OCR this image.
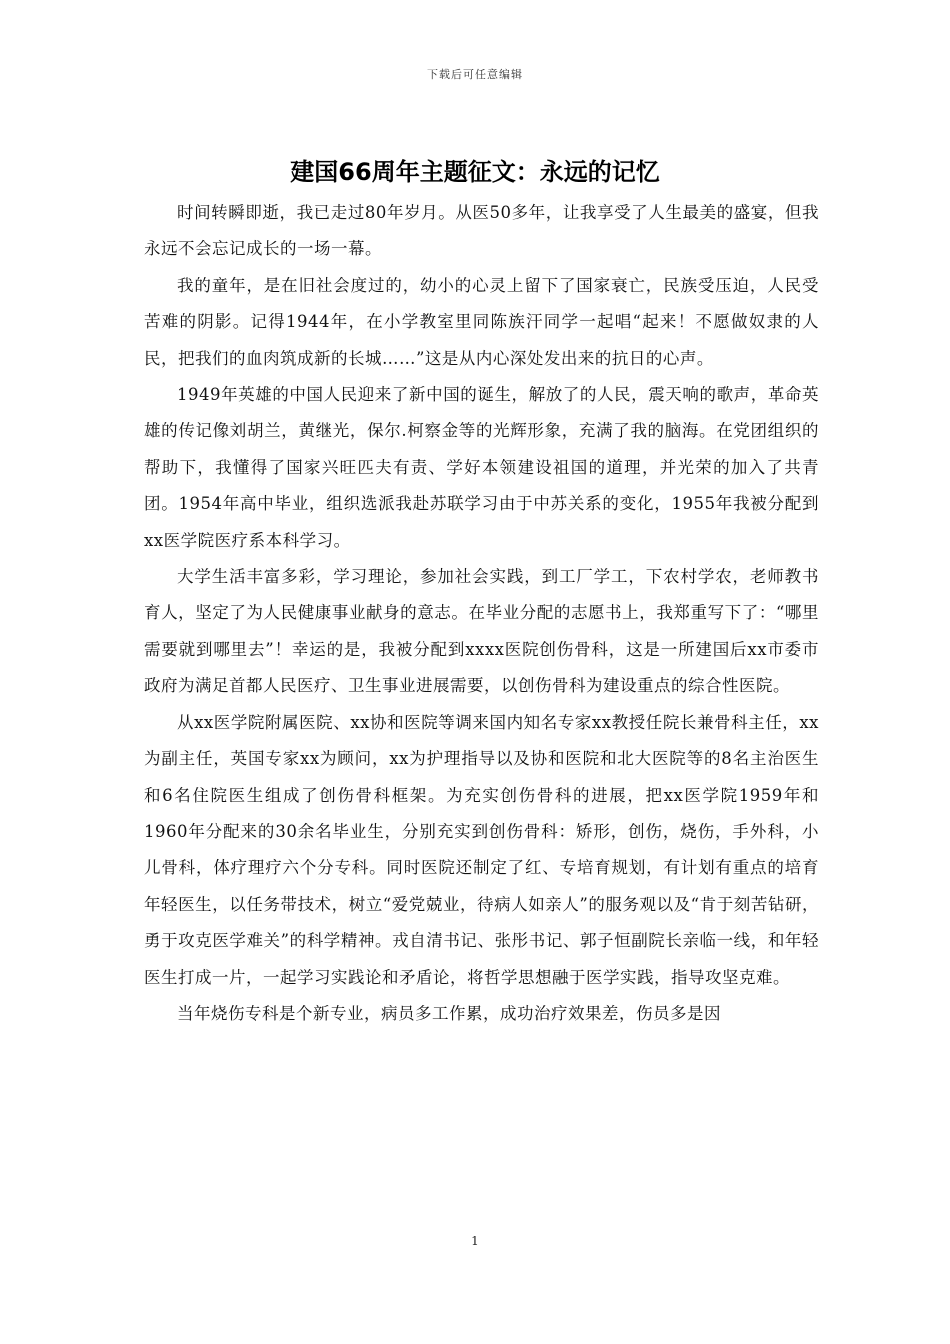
下载后可任意编辑
建国66周年主题征文：永远的记忆

时间转瞬即逝，我已走过80年岁月。从医50多年，让我享受了人生最美的盛宴，但我永远不会忘记成长的一场一幕。

我的童年，是在旧社会度过的，幼小的心灵上留下了国家衰亡，民族受压迫，人民受苦难的阴影。记得1944年，在小学教室里同陈族汗同学一起唱“起来！不愿做奴隶的人民，把我们的血肉筑成新的长城……”这是从内心深处发出来的抗日的心声。

1949年英雄的中国人民迎来了新中国的诞生，解放了的人民，震天响的歌声，革命英雄的传记像刘胡兰，黄继光，保尔.柯察金等的光辉形象，充满了我的脑海。在党团组织的帮助下，我懂得了国家兴旺匹夫有责、学好本领建设祖国的道理，并光荣的加入了共青团。1954年高中毕业，组织选派我赴苏联学习由于中苏关系的变化，1955年我被分配到xx医学院医疗系本科学习。

大学生活丰富多彩，学习理论，参加社会实践，到工厂学工，下农村学农，老师教书育人，坚定了为人民健康事业献身的意志。在毕业分配的志愿书上，我郑重写下了：“哪里需要就到哪里去”！幸运的是，我被分配到xxxx医院创伤骨科，这是一所建国后xx市委市政府为满足首都人民医疗、卫生事业进展需要，以创伤骨科为建设重点的综合性医院。

从xx医学院附属医院、xx协和医院等调来国内知名专家xx教授任院长兼骨科主任，xx为副主任，英国专家xx为顾问，xx为护理指导以及协和医院和北大医院等的8名主治医生和6名住院医生组成了创伤骨科框架。为充实创伤骨科的进展，把xx医学院1959年和1960年分配来的30余名毕业生，分别充实到创伤骨科：矫形，创伤，烧伤，手外科，小儿骨科，体疗理疗六个分专科。同时医院还制定了红、专培育规划，有计划有重点的培育年轻医生，以任务带技术，树立“爱党兢业，待病人如亲人”的服务观以及“肯于刻苦钻研，勇于攻克医学难关”的科学精神。戎自清书记、张彤书记、郭子恒副院长亲临一线，和年轻医生打成一片，一起学习实践论和矛盾论，将哲学思想融于医学实践，指导攻坚克难。

当年烧伤专科是个新专业，病员多工作累，成功治疗效果差，伤员多是因

1
